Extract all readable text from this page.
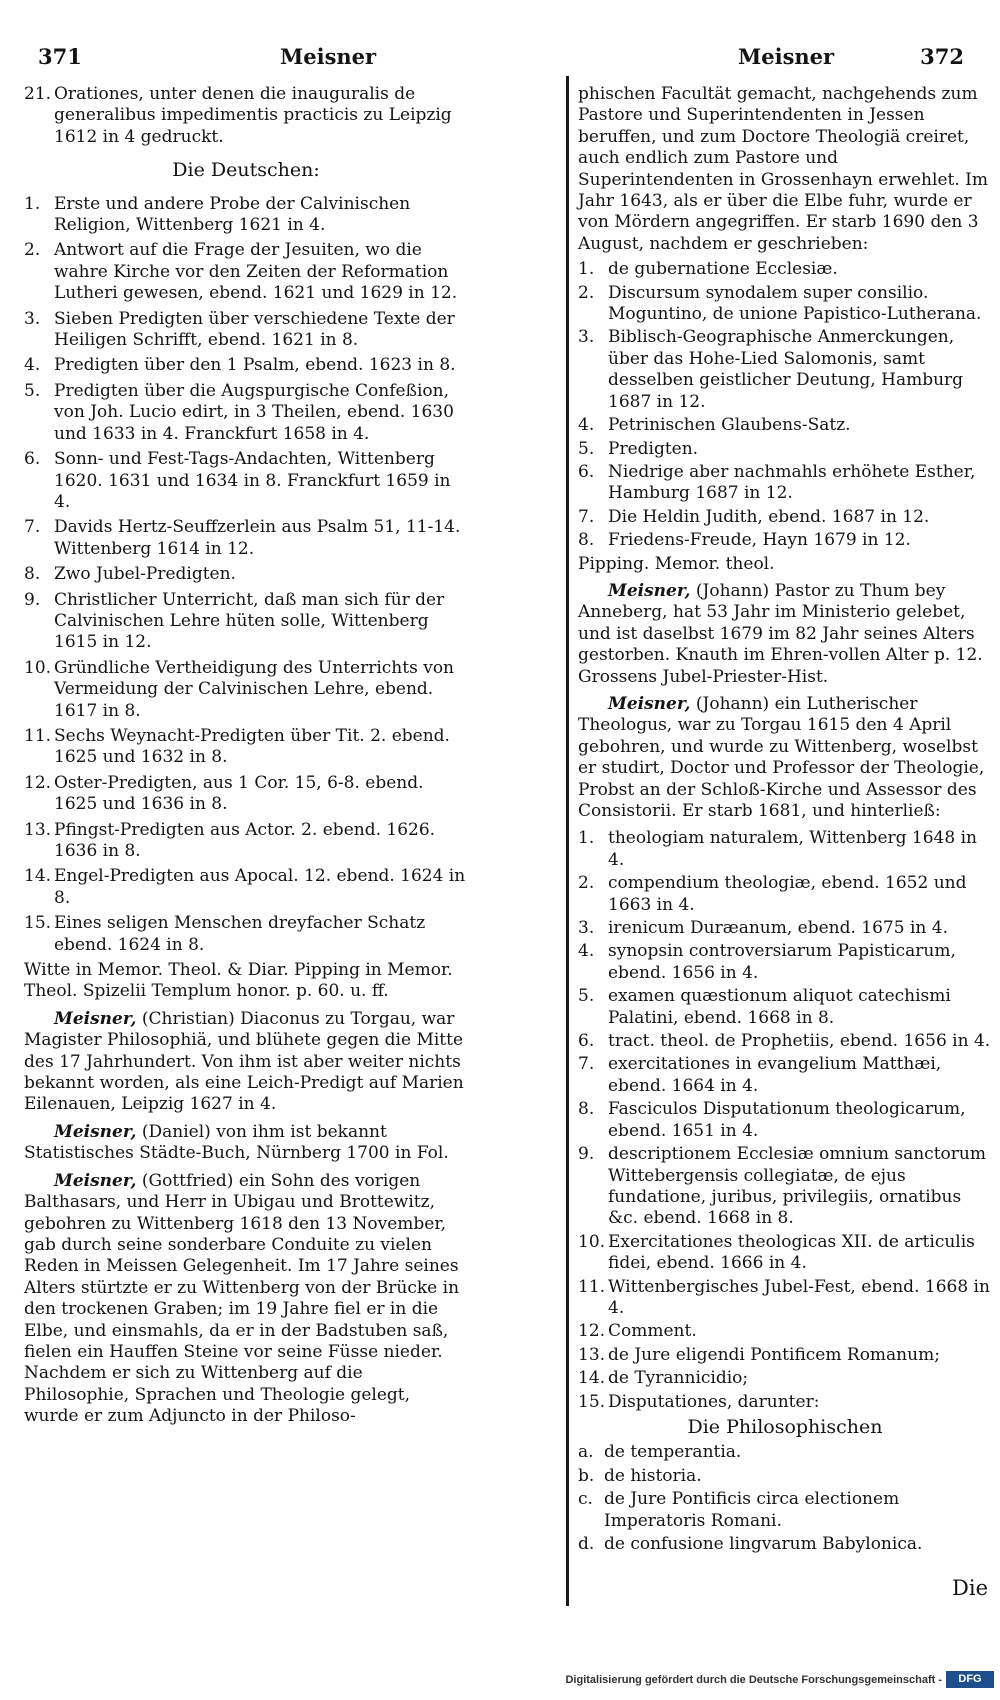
371	Meisner	Meisner	372
21. Orationes, unter denen die inauguralis de generalibus impedimentis practicis zu Leipzig 1612 in 4 gedruckt.
Die Deutschen:
1. Erste und andere Probe der Calvinischen Religion, Wittenberg 1621 in 4.
2. Antwort auf die Frage der Jesuiten, wo die wahre Kirche vor den Zeiten der Reformation Lutheri gewesen, ebend. 1621 und 1629 in 12.
3. Sieben Predigten über verschiedene Texte der Heiligen Schrifft, ebend. 1621 in 8.
4. Predigten über den 1 Psalm, ebend. 1623 in 8.
5. Predigten über die Augspurgische Confeßion, von Joh. Lucio edirt, in 3 Theilen, ebend. 1630 und 1633 in 4. Franckfurt 1658 in 4.
6. Sonn- und Fest-Tags-Andachten, Wittenberg 1620. 1631 und 1634 in 8. Franckfurt 1659 in 4.
7. Davids Hertz-Seuffzerlein aus Psalm 51, 11-14. Wittenberg 1614 in 12.
8. Zwo Jubel-Predigten.
9. Christlicher Unterricht, daß man sich für der Calvinischen Lehre hüten solle, Wittenberg 1615 in 12.
10. Gründliche Vertheidigung des Unterrichts von Vermeidung der Calvinischen Lehre, ebend. 1617 in 8.
11. Sechs Weynacht-Predigten über Tit. 2. ebend. 1625 und 1632 in 8.
12. Oster-Predigten, aus 1 Cor. 15, 6-8. ebend. 1625 und 1636 in 8.
13. Pfingst-Predigten aus Actor. 2. ebend. 1626. 1636 in 8.
14. Engel-Predigten aus Apocal. 12. ebend. 1624 in 8.
15. Eines seligen Menschen dreyfacher Schatz ebend. 1624 in 8.

Witte in Memor. Theol. & Diar. Pipping in Memor. Theol. Spizelii Templum honor. p. 60. u. ff.

Meisner, (Christian) Diaconus zu Torgau, war Magister Philosophiä, und blühete gegen die Mitte des 17 Jahrhundert. Von ihm ist aber weiter nichts bekannt worden, als eine Leich-Predigt auf Marien Eilenauen, Leipzig 1627 in 4.

Meisner, (Daniel) von ihm ist bekannt Statistisches Städte-Buch, Nürnberg 1700 in Fol.

Meisner, (Gottfried) ein Sohn des vorigen Balthasars, und Herr in Ubigau und Brottewitz, gebohren zu Wittenberg 1618 den 13 November, gab durch seine sonderbare Conduite zu vielen Reden in Meissen Gelegenheit. Im 17 Jahre seines Alters stürtzte er zu Wittenberg von der Brücke in den trockenen Graben; im 19 Jahre fiel er in die Elbe, und einsmahls, da er in der Badstuben saß, fielen ein Hauffen Steine vor seine Füsse nieder. Nachdem er sich zu Wittenberg auf die Philosophie, Sprachen und Theologie gelegt, wurde er zum Adjuncto in der Philoso-

phischen Facultät gemacht, nachgehends zum Pastore und Superintendenten in Jessen beruffen, und zum Doctore Theologiä creiret, auch endlich zum Pastore und Superintendenten in Grossenhayn erwehlet. Im Jahr 1643, als er über die Elbe fuhr, wurde er von Mördern angegriffen. Er starb 1690 den 3 August, nachdem er geschrieben:

1. de gubernatione Ecclesiæ.
2. Discursum synodalem super consilio. Moguntino, de unione Papistico-Lutherana.
3. Biblisch-Geographische Anmerckungen, über das Hohe-Lied Salomonis, samt desselben geistlicher Deutung, Hamburg 1687 in 12.
4. Petrinischen Glaubens-Satz.
5. Predigten.
6. Niedrige aber nachmahls erhöhete Esther, Hamburg 1687 in 12.
7. Die Heldin Judith, ebend. 1687 in 12.
8. Friedens-Freude, Hayn 1679 in 12.

Pipping. Memor. theol.

Meisner, (Johann) Pastor zu Thum bey Anneberg, hat 53 Jahr im Ministerio gelebet, und ist daselbst 1679 im 82 Jahr seines Alters gestorben. Knauth im Ehren-vollen Alter p. 12. Grossens Jubel-Priester-Hist.

Meisner, (Johann) ein Lutherischer Theologus, war zu Torgau 1615 den 4 April gebohren, und wurde zu Wittenberg, woselbst er studirt, Doctor und Professor der Theologie, Probst an der Schloß-Kirche und Assessor des Consistorii. Er starb 1681, und hinterließ:

1. theologiam naturalem, Wittenberg 1648 in 4.
2. compendium theologiæ, ebend. 1652 und 1663 in 4.
3. irenicum Duræanum, ebend. 1675 in 4.
4. synopsin controversiarum Papisticarum, ebend. 1656 in 4.
5. examen quæstionum aliquot catechismi Palatini, ebend. 1668 in 8.
6. tract. theol. de Prophetiis, ebend. 1656 in 4.
7. exercitationes in evangelium Matthæi, ebend. 1664 in 4.
8. Fasciculos Disputationum theologicarum, ebend. 1651 in 4.
9. descriptionem Ecclesiæ omnium sanctorum Wittebergensis collegiatæ, de ejus fundatione, juribus, privilegiis, ornatibus &c. ebend. 1668 in 8.
10. Exercitationes theologicas XII. de articulis fidei, ebend. 1666 in 4.
11. Wittenbergisches Jubel-Fest, ebend. 1668 in 4.
12. Comment.
13. de Jure eligendi Pontificem Romanum;
14. de Tyrannicidio;
15. Disputationes, darunter:
Die Philosophischen
a. de temperantia.
b. de historia.
c. de Jure Pontificis circa electionem Imperatoris Romani.
d. de confusione lingvarum Babylonica.
Die
Digitalisierung gefördert durch die Deutsche Forschungsgemeinschaft -	DFG
